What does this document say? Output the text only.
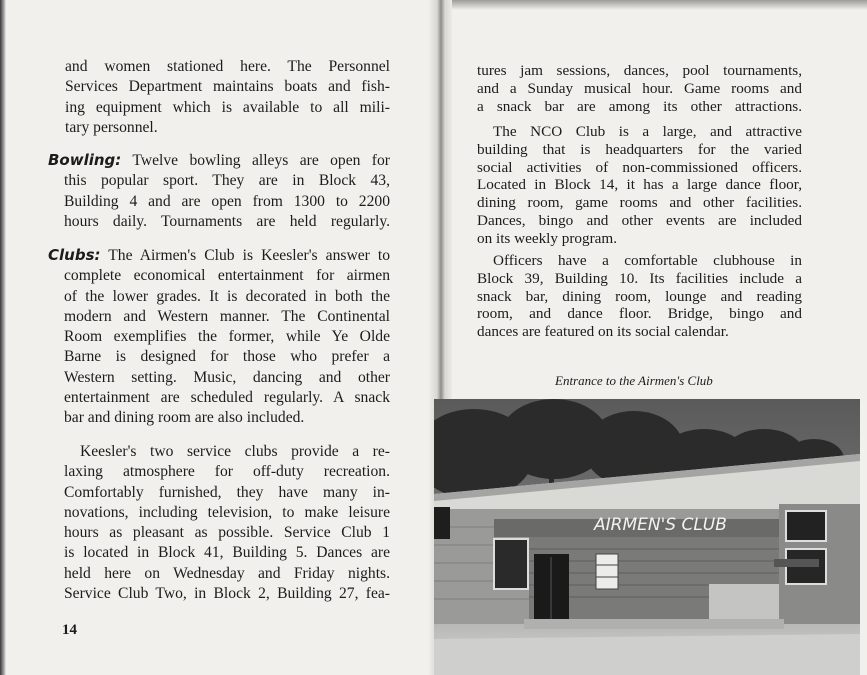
and women stationed here. The Personnel
Services Department maintains boats and fish-
ing equipment which is available to all mili-
tary personnel.
Bowling: Twelve bowling alleys are open for
this popular sport. They are in Block 43,
Building 4 and are open from 1300 to 2200
hours daily. Tournaments are held regularly.
Clubs: The Airmen's Club is Keesler's answer to
complete economical entertainment for airmen
of the lower grades. It is decorated in both the
modern and Western manner. The Continental
Room exemplifies the former, while Ye Olde
Barne is designed for those who prefer a
Western setting. Music, dancing and other
entertainment are scheduled regularly. A snack
bar and dining room are also included.
Keesler's two service clubs provide a re-
laxing atmosphere for off-duty recreation.
Comfortably furnished, they have many in-
novations, including television, to make leisure
hours as pleasant as possible. Service Club 1
is located in Block 41, Building 5. Dances are
held here on Wednesday and Friday nights.
Service Club Two, in Block 2, Building 27, fea-
14
tures jam sessions, dances, pool tournaments,
and a Sunday musical hour. Game rooms and
a snack bar are among its other attractions.
The NCO Club is a large, and attractive
building that is headquarters for the varied
social activities of non-commissioned officers.
Located in Block 14, it has a large dance floor,
dining room, game rooms and other facilities.
Dances, bingo and other events are included
on its weekly program.
Officers have a comfortable clubhouse in
Block 39, Building 10. Its facilities include a
snack bar, dining room, lounge and reading
room, and dance floor. Bridge, bingo and
dances are featured on its social calendar.
Entrance to the Airmen's Club
AIRMEN'S CLUB
